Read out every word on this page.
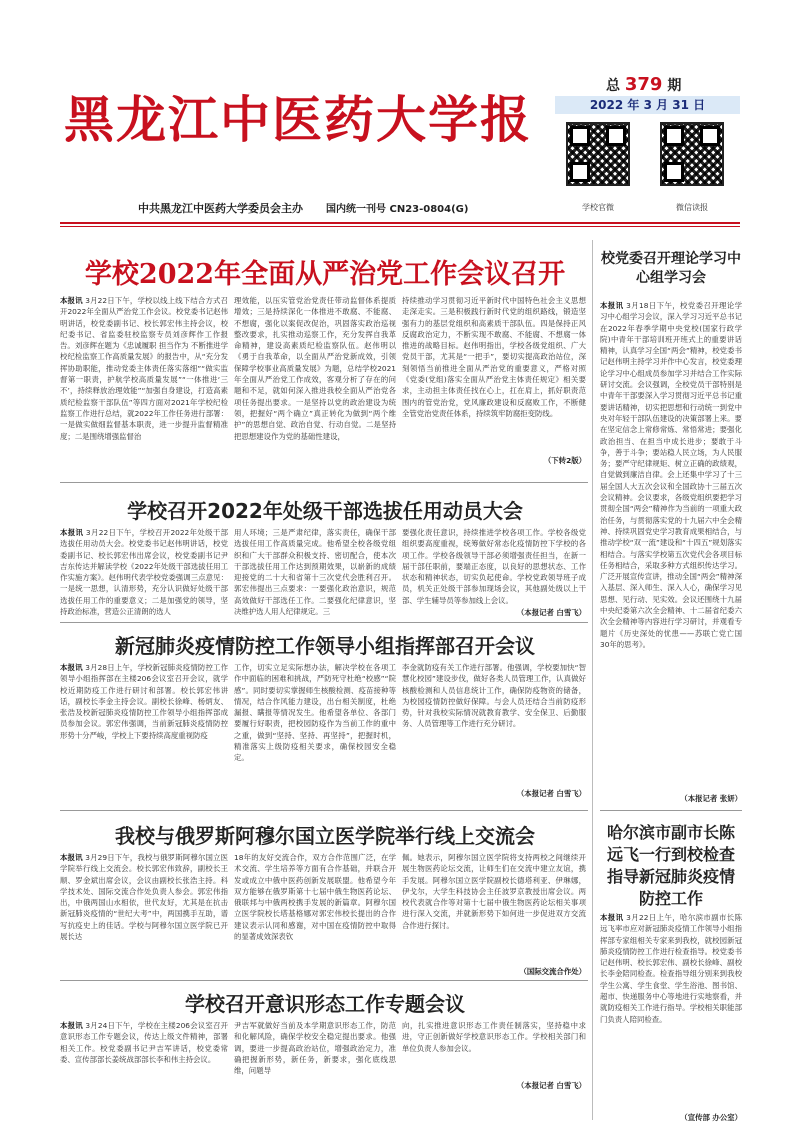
黑龙江中医药大学报
中共黑龙江中医药大学委员会主办 国内统一刊号 CN23-0804(G)
总 379 期
2022 年 3 月 31 日
学校官微	微信读报
学校2022年全面从严治党工作会议召开
本报讯 3月22日下午，学校以线上线下结合方式召开2022年全面从严治党工作会议。校党委书记赵伟明讲话，校党委副书记、校长郭宏伟主持会议，校纪委书记、省监委驻校监察专员刘彦辉作工作报告。刘彦辉在题为《忠诚履职 担当作为 不断推进学校纪检监察工作高质量发展》的报告中，从“充分发挥协助职能，推动党委主体责任落实落细”“做实监督第一职责，护航学校高质量发展”“一体推进‘三不’，持续释放治理效能”“加强自身建设，打造高素质纪检监察干部队伍”等四方面对2021年学校纪检监察工作进行总结，就2022年工作任务进行部署：一是做实做细监督基本职责，进一步提升监督精准度；二是围绕增强监督治
理效能，以压实管党治党责任带动监督体系提质增效；三是持续深化一体推进不敢腐、不能腐、不想腐，强化以案促改促治，巩固落实政治巡视整改要求，扎实推动巡察工作，充分发挥自我革命精神，建设高素质纪检监察队伍。赵伟明以《勇于自我革命，以全面从严治党新成效，引领保障学校事业高质量发展》为题，总结学校2021年全面从严治党工作成效，客观分析了存在的问题和不足，就如何深入推进我校全面从严治党各项任务提出要求。一是坚持以党的政治建设为统领，把握好“两个确立”真正转化为做到“两个维护”的思想自觉、政治自觉、行动自觉。二是坚持把思想建设作为党的基础性建设，
持续推动学习贯彻习近平新时代中国特色社会主义思想走深走实。三是积极践行新时代党的组织路线，锻造坚强有力的基层党组织和高素质干部队伍。四是保持正风反腐政治定力，不断实现不敢腐、不能腐、不想腐一体推进的战略目标。赵伟明指出，学校各级党组织、广大党员干部，尤其是“一把手”，要切实提高政治站位，深刻领悟当前推进全面从严治党的重要意义，严格对照《党委(党组)落实全面从严治党主体责任规定》相关要求，主动担主体责任找在心上，扛在肩上，抓好职责范围内的管党治党，党风廉政建设和反腐败工作，不断健全管党治党责任体系，持续筑牢防腐拒变防线。
（下转2版）
学校召开2022年处级干部选拔任用动员大会
本报讯 3月22日下午，学校召开2022年处级干部选拔任用动员大会。校党委书记赵伟明讲话，校党委副书记、校长郭宏伟出席会议，校党委副书记尹吉东传达并解读学校《2022年处级干部选拔任用工作实施方案》。赵伟明代表学校党委强调三点意见：一是统一思想，认清形势，充分认识做好处级干部选拔任用工作的重要意义；二是加强党的领导，坚持政治标准，营造公正清朗的选人
用人环境；三是严肃纪律，落实责任，确保干部选拔任用工作高质量完成。他希望全校各级党组织和广大干部群众积极支持、密切配合，使本次干部选拔任用工作达到预期效果，以崭新的成绩迎接党的二十大和省第十三次党代会胜利召开。郭宏伟提出三点要求：一要强化政治意识，规范高效做好干部选任工作。二要强化纪律意识，坚决维护选人用人纪律规定。三
要强化责任意识，持续推进学校各项工作。学校各级党组织要高度重视，统筹做好常态化疫情防控下学校的各项工作。学校各级领导干部必须增强责任担当，在新一届干部任职前，要端正态度，以良好的思想状态、工作状态和精神状态，切实负起使命。学校党政领导班子成员，机关正处级干部参加现场会议，其他副处级以上干部、学生辅导员等参加线上会议。
（本报记者 白雪飞）
新冠肺炎疫情防控工作领导小组指挥部召开会议
本报讯 3月28日上午，学校新冠肺炎疫情防控工作领导小组指挥部在主楼206会议室召开会议，就学校近期防疫工作进行研讨和部署。校长郭宏伟讲话，副校长李金主持会议。副校长徐峰、杨炳友、张浩及校新冠肺炎疫情防控工作领导小组指挥部成员参加会议。郭宏伟强调，当前新冠肺炎疫情防控形势十分严峻，学校上下要持续高度重视防疫
工作，切实立足实际想办法，解决学校在各项工作中面临的困难和挑战，严防死守杜绝“校感”“院感”。同时要切实掌握师生核酸检测、疫苗接种等情况，结合作风能力建设，出台相关制度，杜绝漏报、瞒报等情况发生。他希望各单位、各部门要履行好职责，把校园防疫作为当前工作的重中之重，做到“坚持、坚持、再坚持”，把握时机，精准落实上级防疫相关要求，确保校园安全稳定。
李金就防疫有关工作进行部署。他强调，学校要加快“智慧化校园”建设步伐，做好各类人员管理工作，认真做好核酸检测和人员信息统计工作，确保防疫物资的储备，为校园疫情防控做好保障。与会人员还结合当前防疫形势，针对我校实际情况就教育教学、安全保卫、后勤服务、人员管理等工作进行充分研讨。
（本报记者 白雪飞）
我校与俄罗斯阿穆尔国立医学院举行线上交流会
本报讯 3月29日下午，我校与俄罗斯阿穆尔国立医学院举行线上交流会。校长郭宏伟致辞，副校长王顺、罗金斌出席会议，会议由副校长张浩主持。科学技术处、国际交流合作处负责人参会。郭宏伟指出，中俄两国山水相依，世代友好，尤其是在抗击新冠肺炎疫情的“世纪大考”中，两国携手互助，谱写抗疫史上的佳话。学校与阿穆尔国立医学院已开展长达
18年的友好交流合作，双方合作范围广泛，在学术交流、学生培养等方面有合作基础，并联合开发或成立中俄中医药创新发展联盟。他希望今年双方能够在俄罗斯第十七届中俄生物医药论坛、俄联邦与中俄两校携手发展的新篇章。阿穆尔国立医学院校长塔基格娜对郭宏伟校长提出的合作建议表示认同和感谢，对中国在疫情防控中取得的显著成效深表钦
佩。她表示，阿穆尔国立医学院将支持两校之间继续开展生物医药论坛交流，让师生们在交流中建立友谊，携手发展。阿穆尔国立医学院副校长德塔利亚、伊琳娜，伊戈尔，大学生科技协会主任波罗京教授出席会议。两校代表就合作等对第十七届中俄生物医药论坛相关事项进行深入交流，并就新形势下如何进一步促进双方交流合作进行探讨。
（国际交流合作处）
学校召开意识形态工作专题会议
本报讯 3月24日下午，学校在主楼206会议室召开意识形态工作专题会议，传达上级文件精神，部署相关工作。校党委副书记尹吉军讲话，校党委常委、宣传部部长姜统战部部长李和伟主持会议。
尹吉军就做好当前及本学期意识形态工作，防范和化解风险，确保学校安全稳定提出要求。他强调，要进一步提高政治站位，增强政治定力，准确把握新形势，新任务，新要求，强化底线思维，问题导
向，扎实推进意识形态工作责任制落实，坚持稳中求进，守正创新做好学校意识形态工作。学校相关部门和单位负责人参加会议。
（本报记者 白雪飞）
校党委召开理论学习中心组学习会
本报讯 3月18日下午，校党委召开理论学习中心组学习会议，深入学习习近平总书记在2022年春季学期中央党校(国家行政学院)中青年干部培训班开班式上的重要讲话精神，认真学习全国“两会”精神，校党委书记赵伟明主持学习并作中心发言，校党委理论学习中心组成员参加学习并结合工作实际研讨交流。会议强调，全校党员干部特别是中青年干部要深入学习贯彻习近平总书记重要讲话精神，切实把思想和行动统一到党中央对年轻干部队伍建设的决策部署上来。要在坚定信念上常修常炼、常悟常进；要强化政治担当、在担当中成长进步；要敢于斗争，善于斗争；要站稳人民立场，为人民服务；要严守纪律规矩、树立正确的政绩观，自觉做到廉洁自律。会上还集中学习了十三届全国人大五次会议和全国政协十三届五次会议精神。会议要求，各级党组织要把学习贯彻全国“两会”精神作为当前的一项重大政治任务，与贯彻落实党的十九届六中全会精神、持续巩固党史学习教育成果相结合，与推动学校“双一流”建设和“十四五”规划落实相结合。与落实学校第五次党代会各项目标任务相结合，采取多种方式组织传达学习。广泛开展宣传宣讲，推动全国“两会”精神深入基层、深入师生、深入人心，确保学习见思想、见行动、见实效。会议还围绕十九届中央纪委第六次全会精神、十二届省纪委六次全会精神等内容进行学习研讨，并观看专题片《历史深处的忧患——苏联亡党亡国30年的思考》。
（本报记者 张妍）
哈尔滨市副市长陈远飞一行到校检查指导新冠肺炎疫情防控工作
本报讯 3月22日上午，哈尔滨市副市长陈远飞率市应对新冠肺炎疫情工作领导小组指挥部专家组相关专家来到我校，就校园新冠肺炎疫情防控工作进行检查指导。校党委书记赵伟明、校长郭宏伟、副校长徐峰、副校长李金陪同检查。检查指导组分别来到我校学生公寓、学生食堂、学生浴池、图书馆、超市、快递服务中心等地进行实地察看，并就防疫相关工作进行指导。学校相关职能部门负责人陪同检查。
（宣传部 办公室）
